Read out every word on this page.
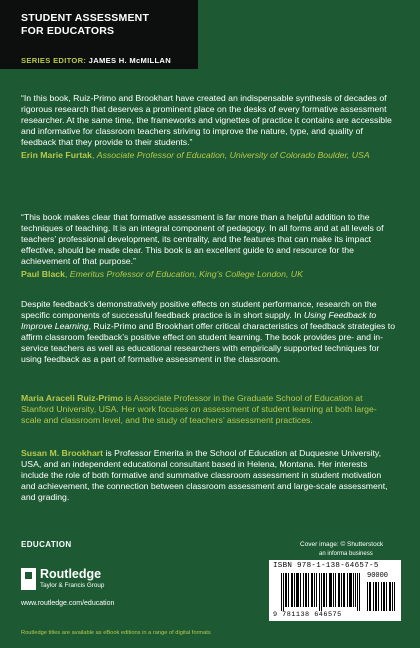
STUDENT ASSESSMENT
FOR EDUCATORS
SERIES EDITOR: JAMES H. McMILLAN
“In this book, Ruiz-Primo and Brookhart have created an indispensable synthesis of decades of rigorous research that deserves a prominent place on the desks of every formative assessment researcher. At the same time, the frameworks and vignettes of practice it contains are accessible and informative for classroom teachers striving to improve the nature, type, and quality of feedback that they provide to their students.”
Erin Marie Furtak, Associate Professor of Education, University of Colorado Boulder, USA
“This book makes clear that formative assessment is far more than a helpful addition to the techniques of teaching. It is an integral component of pedagogy. In all forms and at all levels of teachers’ professional development, its centrality, and the features that can make its impact effective, should be made clear. This book is an excellent guide to and resource for the achievement of that purpose.”
Paul Black, Emeritus Professor of Education, King’s College London, UK
Despite feedback’s demonstratively positive effects on student performance, research on the specific components of successful feedback practice is in short supply. In Using Feedback to Improve Learning, Ruiz-Primo and Brookhart offer critical characteristics of feedback strategies to affirm classroom feedback’s positive effect on student learning. The book provides pre- and in-service teachers as well as educational researchers with empirically supported techniques for using feedback as a part of formative assessment in the classroom.
Maria Araceli Ruiz-Primo is Associate Professor in the Graduate School of Education at Stanford University, USA. Her work focuses on assessment of student learning at both large-scale and classroom level, and the study of teachers’ assessment practices.
Susan M. Brookhart is Professor Emerita in the School of Education at Duquesne University, USA, and an independent educational consultant based in Helena, Montana. Her interests include the role of both formative and summative classroom assessment in student motivation and achievement, the connection between classroom assessment and large-scale assessment, and grading.
Cover image: © Shutterstock
EDUCATION
Routledge
Taylor & Francis Group
www.routledge.com/education
an informa business
ISBN 978-1-138-64657-5
90000
9 781138 646575
Routledge titles are available as eBook editions in a range of digital formats
